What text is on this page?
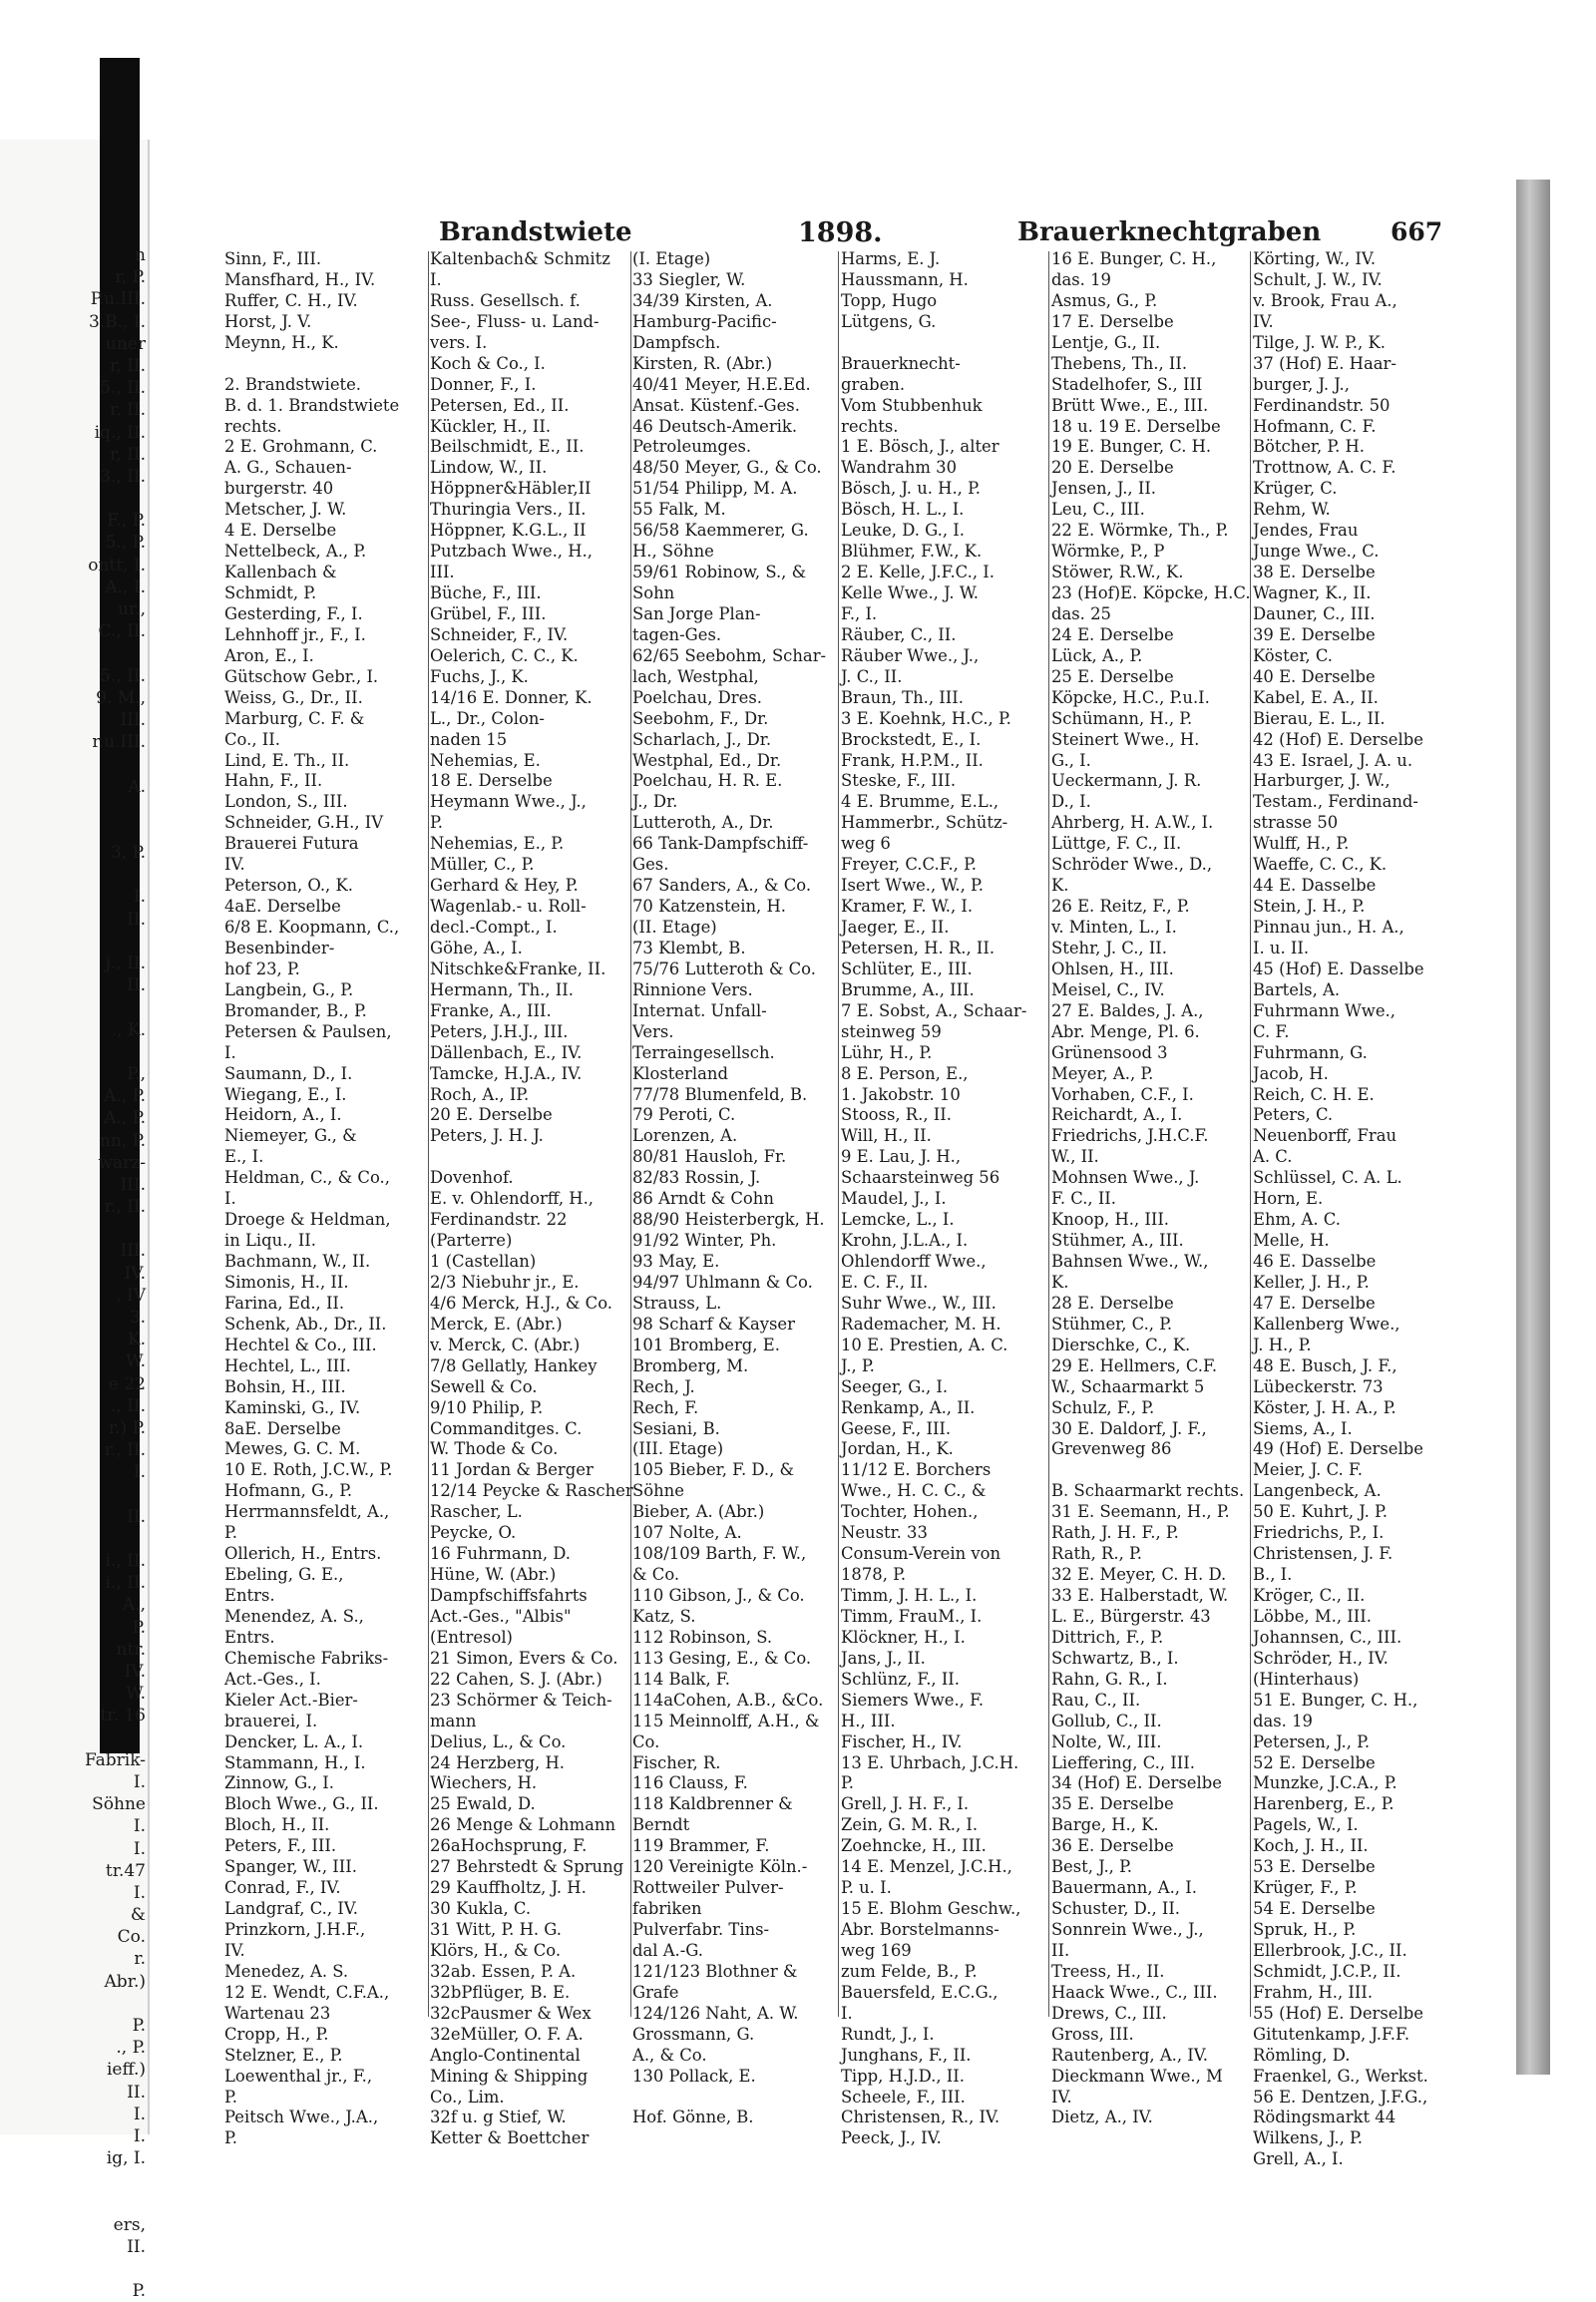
n
r, P.
P.u.III.
3.B., I.
uner
r, II.
5., II.
r, II.
iq., II.
r, II.
3., II.
F., P.
5., P.
ontt, I.
A., I.
ur.,
C., II.
5., II.
9. M.,
III.
r.u.III.
A.
3, P.
I.
II.
j., II.
II.
., K.
P.,
A., P.
A., P.
nn, P.
warz-
III.
r., II.
III.
IV.
, IV
3.
K.
W.
e 22
., II.
r.) P.
r., II.
I.
II.
i., II.
i., II.
A.,
P.
ntr.
IV.
W.
tr. 16
Fabrik-
I.
Söhne
I.
I.
tr.47
I.
&
Co.
r.
Abr.)
P.
., P.
ieff.)
II.
I.
I.
ig, I.
ers,
II.
P.
Brandstwiete	1898.	Brauerknechtgraben	667
Sinn, F., III.
Mansfhard, H., IV.
Ruffer, C. H., IV.
Horst, J. V.
Meynn, H., K.
2. Brandstwiete.
B. d. 1. Brandstwiete
rechts.
2 E. Grohmann, C.
A. G., Schauen-
burgerstr. 40
Metscher, J. W.
4 E. Derselbe
Nettelbeck, A., P.
Kallenbach &
Schmidt, P.
Gesterding, F., I.
Lehnhoff jr., F., I.
Aron, E., I.
Gütschow Gebr., I.
Weiss, G., Dr., II.
Marburg, C. F. &
Co., II.
Lind, E. Th., II.
Hahn, F., II.
London, S., III.
Schneider, G.H., IV
Brauerei Futura
IV.
Peterson, O., K.
4aE. Derselbe
6/8 E. Koopmann, C.,
Besenbinder-
hof 23, P.
Langbein, G., P.
Bromander, B., P.
Petersen & Paulsen,
I.
Saumann, D., I.
Wiegang, E., I.
Heidorn, A., I.
Niemeyer, G., &
E., I.
Heldman, C., & Co.,
I.
Droege & Heldman,
in Liqu., II.
Bachmann, W., II.
Simonis, H., II.
Farina, Ed., II.
Schenk, Ab., Dr., II.
Hechtel & Co., III.
Hechtel, L., III.
Bohsin, H., III.
Kaminski, G., IV.
8aE. Derselbe
Mewes, G. C. M.
10 E. Roth, J.C.W., P.
Hofmann, G., P.
Herrmannsfeldt, A.,
P.
Ollerich, H., Entrs.
Ebeling, G. E.,
Entrs.
Menendez, A. S.,
Entrs.
Chemische Fabriks-
Act.-Ges., I.
Kieler Act.-Bier-
brauerei, I.
Dencker, L. A., I.
Stammann, H., I.
Zinnow, G., I.
Bloch Wwe., G., II.
Bloch, H., II.
Peters, F., III.
Spanger, W., III.
Conrad, F., IV.
Landgraf, C., IV.
Prinzkorn, J.H.F.,
IV.
Menedez, A. S.
12 E. Wendt, C.F.A.,
Wartenau 23
Cropp, H., P.
Stelzner, E., P.
Loewenthal jr., F.,
P.
Peitsch Wwe., J.A.,
P.
Kaltenbach& Schmitz
I.
Russ. Gesellsch. f.
See-, Fluss- u. Land-
vers. I.
Koch & Co., I.
Donner, F., I.
Petersen, Ed., II.
Kückler, H., II.
Beilschmidt, E., II.
Lindow, W., II.
Höppner&Häbler,II
Thuringia Vers., II.
Höppner, K.G.L., II
Putzbach Wwe., H.,
III.
Büche, F., III.
Grübel, F., III.
Schneider, F., IV.
Oelerich, C. C., K.
Fuchs, J., K.
14/16 E. Donner, K.
L., Dr., Colon-
naden 15
Nehemias, E.
18 E. Derselbe
Heymann Wwe., J.,
P.
Nehemias, E., P.
Müller, C., P.
Gerhard & Hey, P.
Wagenlab.- u. Roll-
decl.-Compt., I.
Göhe, A., I.
Nitschke&Franke, II.
Hermann, Th., II.
Franke, A., III.
Peters, J.H.J., III.
Dällenbach, E., IV.
Tamcke, H.J.A., IV.
Roch, A., IP.
20 E. Derselbe
Peters, J. H. J.
Dovenhof.
E. v. Ohlendorff, H.,
Ferdinandstr. 22
(Parterre)
1 (Castellan)
2/3 Niebuhr jr., E.
4/6 Merck, H.J., & Co.
Merck, E. (Abr.)
v. Merck, C. (Abr.)
7/8 Gellatly, Hankey
Sewell & Co.
9/10 Philip, P.
Commanditges. C.
W. Thode & Co.
11 Jordan & Berger
12/14 Peycke & Rascher
Rascher, L.
Peycke, O.
16 Fuhrmann, D.
Hüne, W. (Abr.)
Dampfschiffsfahrts
Act.-Ges., "Albis"
(Entresol)
21 Simon, Evers & Co.
22 Cahen, S. J. (Abr.)
23 Schörmer & Teich-
mann
Delius, L., & Co.
24 Herzberg, H.
Wiechers, H.
25 Ewald, D.
26 Menge & Lohmann
26aHochsprung, F.
27 Behrstedt & Sprung
29 Kauffholtz, J. H.
30 Kukla, C.
31 Witt, P. H. G.
Klörs, H., & Co.
32ab. Essen, P. A.
32bPflüger, B. E.
32cPausmer & Wex
32eMüller, O. F. A.
Anglo-Continental
Mining & Shipping
Co., Lim.
32f u. g Stief, W.
Ketter & Boettcher
(I. Etage)
33 Siegler, W.
34/39 Kirsten, A.
Hamburg-Pacific-
Dampfsch.
Kirsten, R. (Abr.)
40/41 Meyer, H.E.Ed.
Ansat. Küstenf.-Ges.
46 Deutsch-Amerik.
Petroleumges.
48/50 Meyer, G., & Co.
51/54 Philipp, M. A.
55 Falk, M.
56/58 Kaemmerer, G.
H., Söhne
59/61 Robinow, S., &
Sohn
San Jorge Plan-
tagen-Ges.
62/65 Seebohm, Schar-
lach, Westphal,
Poelchau, Dres.
Seebohm, F., Dr.
Scharlach, J., Dr.
Westphal, Ed., Dr.
Poelchau, H. R. E.
J., Dr.
Lutteroth, A., Dr.
66 Tank-Dampfschiff-
Ges.
67 Sanders, A., & Co.
70 Katzenstein, H.
(II. Etage)
73 Klembt, B.
75/76 Lutteroth & Co.
Rinnione Vers.
Internat. Unfall-
Vers.
Terraingesellsch.
Klosterland
77/78 Blumenfeld, B.
79 Peroti, C.
Lorenzen, A.
80/81 Hausloh, Fr.
82/83 Rossin, J.
86 Arndt & Cohn
88/90 Heisterbergk, H.
91/92 Winter, Ph.
93 May, E.
94/97 Uhlmann & Co.
Strauss, L.
98 Scharf & Kayser
101 Bromberg, E.
Bromberg, M.
Rech, J.
Rech, F.
Sesiani, B.
(III. Etage)
105 Bieber, F. D., &
Söhne
Bieber, A. (Abr.)
107 Nolte, A.
108/109 Barth, F. W.,
& Co.
110 Gibson, J., & Co.
Katz, S.
112 Robinson, S.
113 Gesing, E., & Co.
114 Balk, F.
114aCohen, A.B., &Co.
115 Meinnolff, A.H., &
Co.
Fischer, R.
116 Clauss, F.
118 Kaldbrenner &
Berndt
119 Brammer, F.
120 Vereinigte Köln.-
Rottweiler Pulver-
fabriken
Pulverfabr. Tins-
dal A.-G.
121/123 Blothner &
Grafe
124/126 Naht, A. W.
Grossmann, G.
A., & Co.
130 Pollack, E.
Hof. Gönne, B.
Harms, E. J.
Haussmann, H.
Topp, Hugo
Lütgens, G.
Brauerknecht-
graben.
Vom Stubbenhuk
rechts.
1 E. Bösch, J., alter
Wandrahm 30
Bösch, J. u. H., P.
Bösch, H. L., I.
Leuke, D. G., I.
Blühmer, F.W., K.
2 E. Kelle, J.F.C., I.
Kelle Wwe., J. W.
F., I.
Räuber, C., II.
Räuber Wwe., J.,
J. C., II.
Braun, Th., III.
3 E. Koehnk, H.C., P.
Brockstedt, E., I.
Frank, H.P.M., II.
Steske, F., III.
4 E. Brumme, E.L.,
Hammerbr., Schütz-
weg 6
Freyer, C.C.F., P.
Isert Wwe., W., P.
Kramer, F. W., I.
Jaeger, E., II.
Petersen, H. R., II.
Schlüter, E., III.
Brumme, A., III.
7 E. Sobst, A., Schaar-
steinweg 59
Lühr, H., P.
8 E. Person, E.,
1. Jakobstr. 10
Stooss, R., II.
Will, H., II.
9 E. Lau, J. H.,
Schaarsteinweg 56
Maudel, J., I.
Lemcke, L., I.
Krohn, J.L.A., I.
Ohlendorff Wwe.,
E. C. F., II.
Suhr Wwe., W., III.
Rademacher, M. H.
10 E. Prestien, A. C.
J., P.
Seeger, G., I.
Renkamp, A., II.
Geese, F., III.
Jordan, H., K.
11/12 E. Borchers
Wwe., H. C. C., &
Tochter, Hohen.,
Neustr. 33
Consum-Verein von
1878, P.
Timm, J. H. L., I.
Timm, FrauM., I.
Klöckner, H., I.
Jans, J., II.
Schlünz, F., II.
Siemers Wwe., F.
H., III.
Fischer, H., IV.
13 E. Uhrbach, J.C.H.
P.
Grell, J. H. F., I.
Zein, G. M. R., I.
Zoehncke, H., III.
14 E. Menzel, J.C.H.,
P. u. I.
15 E. Blohm Geschw.,
Abr. Borstelmanns-
weg 169
zum Felde, B., P.
Bauersfeld, E.C.G.,
I.
Rundt, J., I.
Junghans, F., II.
Tipp, H.J.D., II.
Scheele, F., III.
Christensen, R., IV.
Peeck, J., IV.
16 E. Bunger, C. H.,
das. 19
Asmus, G., P.
17 E. Derselbe
Lentje, G., II.
Thebens, Th., II.
Stadelhofer, S., III
Brütt Wwe., E., III.
18 u. 19 E. Derselbe
19 E. Bunger, C. H.
20 E. Derselbe
Jensen, J., II.
Leu, C., III.
22 E. Wörmke, Th., P.
Wörmke, P., P
Stöwer, R.W., K.
23 (Hof)E. Köpcke, H.C.
das. 25
24 E. Derselbe
Lück, A., P.
25 E. Derselbe
Köpcke, H.C., P.u.I.
Schümann, H., P.
Steinert Wwe., H.
G., I.
Ueckermann, J. R.
D., I.
Ahrberg, H. A.W., I.
Lüttge, F. C., II.
Schröder Wwe., D.,
K.
26 E. Reitz, F., P.
v. Minten, L., I.
Stehr, J. C., II.
Ohlsen, H., III.
Meisel, C., IV.
27 E. Baldes, J. A.,
Abr. Menge, Pl. 6.
Grünensood 3
Meyer, A., P.
Vorhaben, C.F., I.
Reichardt, A., I.
Friedrichs, J.H.C.F.
W., II.
Mohnsen Wwe., J.
F. C., II.
Knoop, H., III.
Stühmer, A., III.
Bahnsen Wwe., W.,
K.
28 E. Derselbe
Stühmer, C., P.
Dierschke, C., K.
29 E. Hellmers, C.F.
W., Schaarmarkt 5
Schulz, F., P.
30 E. Daldorf, J. F.,
Grevenweg 86
B. Schaarmarkt rechts.
31 E. Seemann, H., P.
Rath, J. H. F., P.
Rath, R., P.
32 E. Meyer, C. H. D.
33 E. Halberstadt, W.
L. E., Bürgerstr. 43
Dittrich, F., P.
Schwartz, B., I.
Rahn, G. R., I.
Rau, C., II.
Gollub, C., II.
Nolte, W., III.
Lieffering, C., III.
34 (Hof) E. Derselbe
35 E. Derselbe
Barge, H., K.
36 E. Derselbe
Best, J., P.
Bauermann, A., I.
Schuster, D., II.
Sonnrein Wwe., J.,
II.
Treess, H., II.
Haack Wwe., C., III.
Drews, C., III.
Gross, III.
Rautenberg, A., IV.
Dieckmann Wwe., M
IV.
Dietz, A., IV.
Körting, W., IV.
Schult, J. W., IV.
v. Brook, Frau A.,
IV.
Tilge, J. W. P., K.
37 (Hof) E. Haar-
burger, J. J.,
Ferdinandstr. 50
Hofmann, C. F.
Bötcher, P. H.
Trottnow, A. C. F.
Krüger, C.
Rehm, W.
Jendes, Frau
Junge Wwe., C.
38 E. Derselbe
Wagner, K., II.
Dauner, C., III.
39 E. Derselbe
Köster, C.
40 E. Derselbe
Kabel, E. A., II.
Bierau, E. L., II.
42 (Hof) E. Derselbe
43 E. Israel, J. A. u.
Harburger, J. W.,
Testam., Ferdinand-
strasse 50
Wulff, H., P.
Waeffe, C. C., K.
44 E. Dasselbe
Stein, J. H., P.
Pinnau jun., H. A.,
I. u. II.
45 (Hof) E. Dasselbe
Bartels, A.
Fuhrmann Wwe.,
C. F.
Fuhrmann, G.
Jacob, H.
Reich, C. H. E.
Peters, C.
Neuenborff, Frau
A. C.
Schlüssel, C. A. L.
Horn, E.
Ehm, A. C.
Melle, H.
46 E. Dasselbe
Keller, J. H., P.
47 E. Derselbe
Kallenberg Wwe.,
J. H., P.
48 E. Busch, J. F.,
Lübeckerstr. 73
Köster, J. H. A., P.
Siems, A., I.
49 (Hof) E. Derselbe
Meier, J. C. F.
Langenbeck, A.
50 E. Kuhrt, J. P.
Friedrichs, P., I.
Christensen, J. F.
B., I.
Kröger, C., II.
Löbbe, M., III.
Johannsen, C., III.
Schröder, H., IV.
(Hinterhaus)
51 E. Bunger, C. H.,
das. 19
Petersen, J., P.
52 E. Derselbe
Munzke, J.C.A., P.
Harenberg, E., P.
Pagels, W., I.
Koch, J. H., II.
53 E. Derselbe
Krüger, F., P.
54 E. Derselbe
Spruk, H., P.
Ellerbrook, J.C., II.
Schmidt, J.C.P., II.
Frahm, H., III.
55 (Hof) E. Derselbe
Gitutenkamp, J.F.F.
Römling, D.
Fraenkel, G., Werkst.
56 E. Dentzen, J.F.G.,
Rödingsmarkt 44
Wilkens, J., P.
Grell, A., I.
